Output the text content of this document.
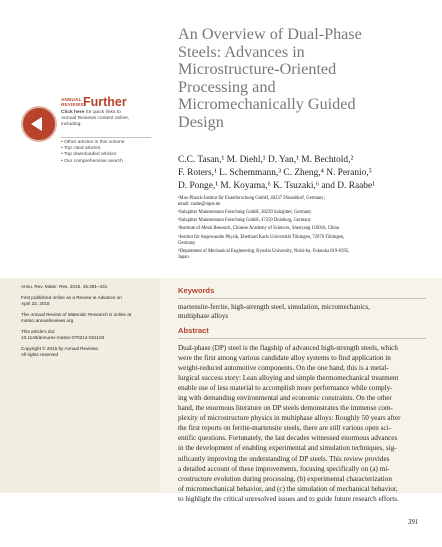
An Overview of Dual-Phase
Steels: Advances in
Microstructure-Oriented
Processing and
Micromechanically Guided
Design
ANNUAL
REVIEWS Further
Click here for quick links to
Annual Reviews content online,
including:
• Other articles in this volume
• Top cited articles
• Top downloaded articles
• Our comprehensive search	C.C. Tasan,¹ M. Diehl,¹ D. Yan,¹ M. Bechtold,²
F. Roters,¹ L. Schemmann,³ C. Zheng,⁴ N. Peranio,⁵
D. Ponge,¹ M. Koyama,⁶ K. Tsuzaki,⁶ and D. Raabe¹
¹Max-Planck-Institut für Eisenforschung GmbH, 40237 Düsseldorf, Germany;
email: raabe@mpie.de
²Salzgitter Mannesmann Forschung GmbH, 38239 Salzgitter, Germany
³Salzgitter Mannesmann Forschung GmbH, 47259 Duisburg, Germany
⁴Institute of Metal Research, Chinese Academy of Sciences, Shenyang 110016, China
⁵Institut für Angewandte Physik, Eberhard Karls Universität Tübingen, 72076 Tübingen,
Germany
⁶Department of Mechanical Engineering, Kyushu University, Nishi-ku, Fukuoka 819-0395,
Japan

Annu. Rev. Mater. Res. 2015. 45:391–431

First published online as a Review in Advance on
April 23, 2015

The Annual Review of Materials Research is online at
matsci.annualreviews.org

This article's doi:
10.1146/annurev-matsci-070214-021103

Copyright © 2015 by Annual Reviews.
All rights reserved

Keywords
martensite-ferrite, high-strength steel, simulation, micromechanics,
multiphase alloys
Abstract
Dual-phase (DP) steel is the flagship of advanced high-strength steels, which
were the first among various candidate alloy systems to find application in
weight-reduced automotive components. On the one hand, this is a metal-
lurgical success story: Lean alloying and simple thermomechanical treatment
enable use of less material to accomplish more performance while comply-
ing with demanding environmental and economic constraints. On the other
hand, the enormous literature on DP steels demonstrates the immense com-
plexity of microstructure physics in multiphase alloys: Roughly 50 years after
the first reports on ferrite-martensite steels, there are still various open sci-
entific questions. Fortunately, the last decades witnessed enormous advances
in the development of enabling experimental and simulation techniques, sig-
nificantly improving the understanding of DP steels. This review provides
a detailed account of these improvements, focusing specifically on (a) mi-
crostructure evolution during processing, (b) experimental characterization
of micromechanical behavior, and (c) the simulation of mechanical behavior,
to highlight the critical unresolved issues and to guide future research efforts.
391
